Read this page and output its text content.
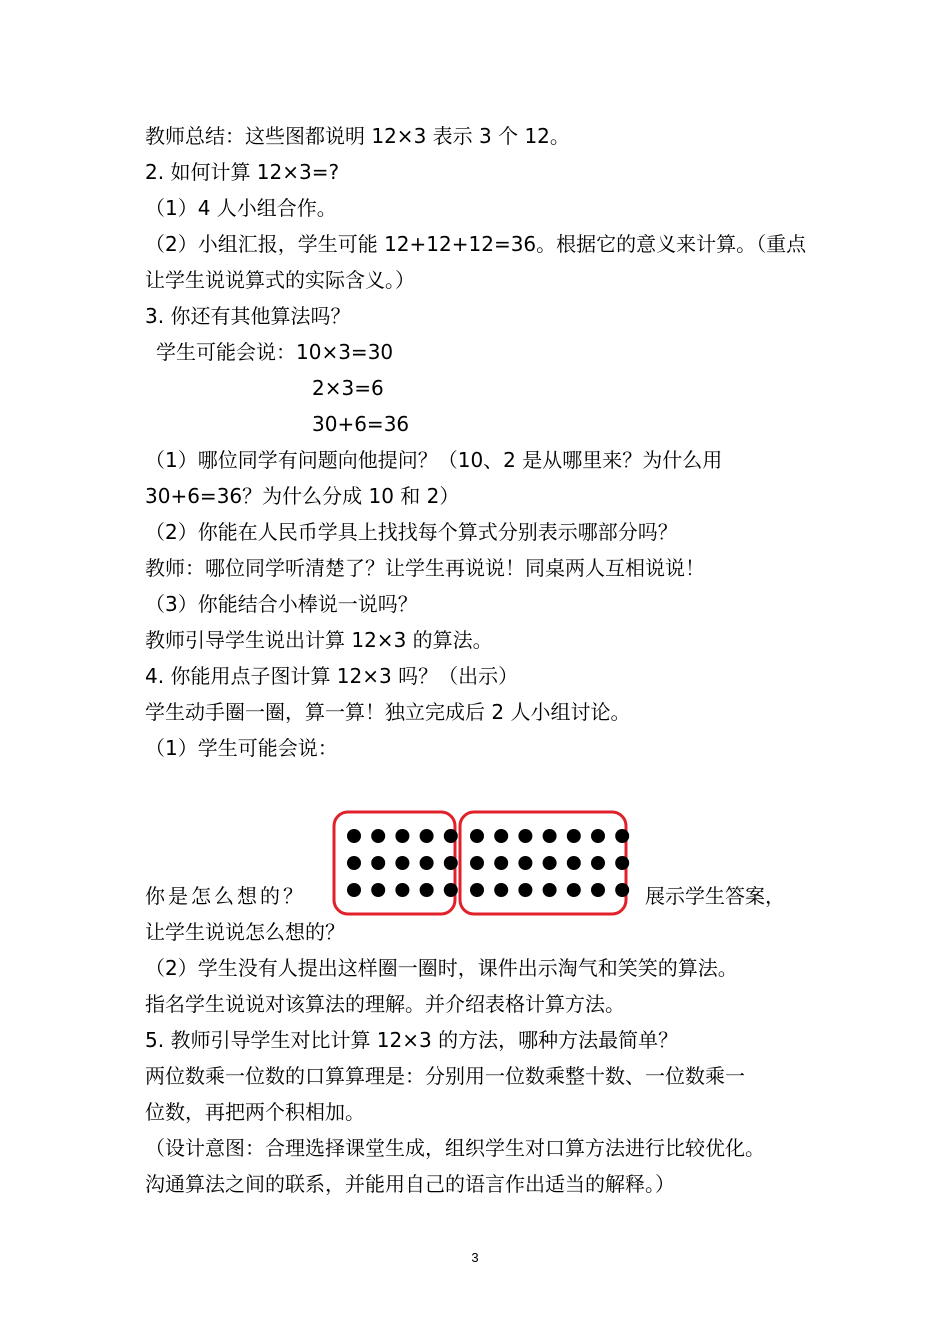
教师总结：这些图都说明 12×3 表示 3 个 12。
2. 如何计算 12×3=?
（1）4 人小组合作。
（2）小组汇报，学生可能 12+12+12=36。根据它的意义来计算。（重点
让学生说说算式的实际含义。）
3. 你还有其他算法吗？
学生可能会说：10×3=30
2×3=6
30+6=36
（1）哪位同学有问题向他提问？（10、2 是从哪里来？为什么用
30+6=36？为什么分成 10 和 2）
（2）你能在人民币学具上找找每个算式分别表示哪部分吗？
教师：哪位同学听清楚了？让学生再说说！同桌两人互相说说！
（3）你能结合小棒说一说吗？
教师引导学生说出计算 12×3 的算法。
4. 你能用点子图计算 12×3 吗？（出示）
学生动手圈一圈，算一算！独立完成后 2 人小组讨论。
（1）学生可能会说：
你是怎么想的？	展示学生答案，
让学生说说怎么想的？
（2）学生没有人提出这样圈一圈时，课件出示淘气和笑笑的算法。
指名学生说说对该算法的理解。并介绍表格计算方法。
5. 教师引导学生对比计算 12×3 的方法，哪种方法最简单？
两位数乘一位数的口算算理是：分别用一位数乘整十数、一位数乘一
位数，再把两个积相加。
（设计意图：合理选择课堂生成，组织学生对口算方法进行比较优化。
沟通算法之间的联系，并能用自己的语言作出适当的解释。）
3
